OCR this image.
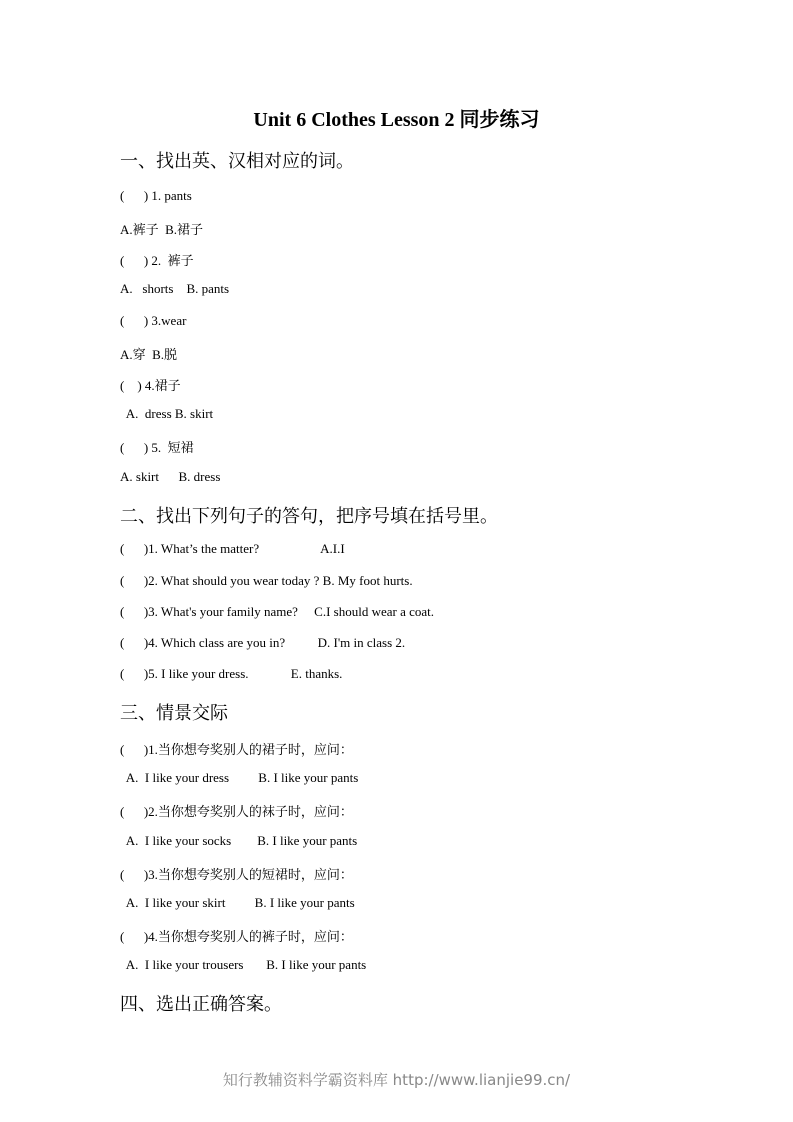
Unit 6 Clothes Lesson 2 同步练习
一、找出英、汉相对应的词。
(      ) 1. pants
A.裤子  B.裙子
(      ) 2.  裤子
A.   shorts    B. pants
(      ) 3.wear
A.穿  B.脱
(    ) 4.裙子
A.  dress B. skirt
(      ) 5.  短裙
A. skirt      B. dress
二、找出下列句子的答句，把序号填在括号里。
(      )1. What’s the matter?                   A.I.I
(      )2. What should you wear today ? B. My foot hurts.
(      )3. What's your family name?     C.I should wear a coat.
(      )4. Which class are you in?          D. I'm in class 2.
(      )5. I like your dress.             E. thanks.
三、情景交际
(      )1.当你想夸奖别人的裙子时，应问：
A.  I like your dress         B. I like your pants
(      )2.当你想夸奖别人的袜子时，应问：
A.  I like your socks        B. I like your pants
(      )3.当你想夸奖别人的短裙时，应问：
A.  I like your skirt         B. I like your pants
(      )4.当你想夸奖别人的裤子时，应问：
A.  I like your trousers       B. I like your pants
四、选出正确答案。
知行教辅资料学霸资料库 http://www.lianjie99.cn/
